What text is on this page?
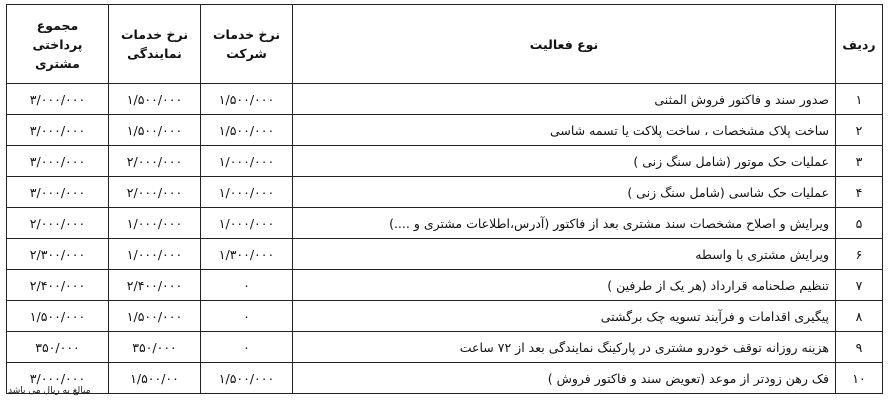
ردیف	نوع فعالیت	نرخ خدمات شرکت	نرخ خدمات نمایندگی	مجموع پرداختی مشتری
۱	صدور سند و فاکتور فروش المثنی	۱/۵۰۰/۰۰۰	۱/۵۰۰/۰۰۰	۳/۰۰۰/۰۰۰
۲	ساخت پلاک مشخصات ، ساخت پلاکت یا تسمه شاسی	۱/۵۰۰/۰۰۰	۱/۵۰۰/۰۰۰	۳/۰۰۰/۰۰۰
۳	عملیات حک موتور (شامل سنگ زنی )	۱/۰۰۰/۰۰۰	۲/۰۰۰/۰۰۰	۳/۰۰۰/۰۰۰
۴	عملیات حک شاسی (شامل سنگ زنی )	۱/۰۰۰/۰۰۰	۲/۰۰۰/۰۰۰	۳/۰۰۰/۰۰۰
۵	ویرایش و اصلاح مشخصات سند مشتری بعد از فاکتور (آدرس،اطلاعات مشتری و ....)	۱/۰۰۰/۰۰۰	۱/۰۰۰/۰۰۰	۲/۰۰۰/۰۰۰
۶	ویرایش مشتری با واسطه	۱/۳۰۰/۰۰۰	۱/۰۰۰/۰۰۰	۲/۳۰۰/۰۰۰
۷	تنظیم صلحنامه قرارداد (هر یک از طرفین )	۰	۲/۴۰۰/۰۰۰	۲/۴۰۰/۰۰۰
۸	پیگیری اقدامات و فرآیند تسویه چک برگشتی	۰	۱/۵۰۰/۰۰۰	۱/۵۰۰/۰۰۰
۹	هزینه روزانه توقف خودرو مشتری در پارکینگ نمایندگی بعد از ۷۲ ساعت	۰	۳۵۰/۰۰۰	۳۵۰/۰۰۰
۱۰	فک رهن زودتر از موعد (تعویض سند و فاکتور فروش )	۱/۵۰۰/۰۰۰	۱/۵۰۰/۰۰	۳/۰۰۰/۰۰۰
مبالغ به ریال می باشد
